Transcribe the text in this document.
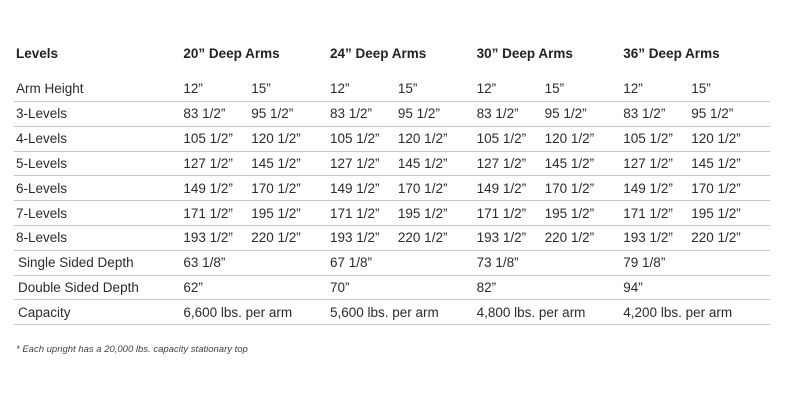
Levels	20” Deep Arms		24” Deep Arms		30” Deep Arms		36” Deep Arms	
Arm Height	12”	15”	12”	15”	12”	15”	12”	15”
3-Levels	83 1/2”	95 1/2”	83 1/2”	95 1/2”	83 1/2”	95 1/2”	83 1/2”	95 1/2”
4-Levels	105 1/2”	120 1/2”	105 1/2”	120 1/2”	105 1/2”	120 1/2”	105 1/2”	120 1/2”
5-Levels	127 1/2”	145 1/2”	127 1/2”	145 1/2”	127 1/2”	145 1/2”	127 1/2”	145 1/2”
6-Levels	149 1/2”	170 1/2”	149 1/2”	170 1/2”	149 1/2”	170 1/2”	149 1/2”	170 1/2”
7-Levels	171 1/2”	195 1/2”	171 1/2”	195 1/2”	171 1/2”	195 1/2”	171 1/2”	195 1/2”
8-Levels	193 1/2”	220 1/2”	193 1/2”	220 1/2”	193 1/2”	220 1/2”	193 1/2”	220 1/2”
Single Sided Depth	63 1/8”		67 1/8”		73 1/8”		79 1/8”	
Double Sided Depth	62”		70”		82”		94”	
Capacity	6,600 lbs. per arm		5,600 lbs. per arm		4,800 lbs. per arm		4,200 lbs. per arm	
* Each upright has a 20,000 lbs. capacity stationary top
